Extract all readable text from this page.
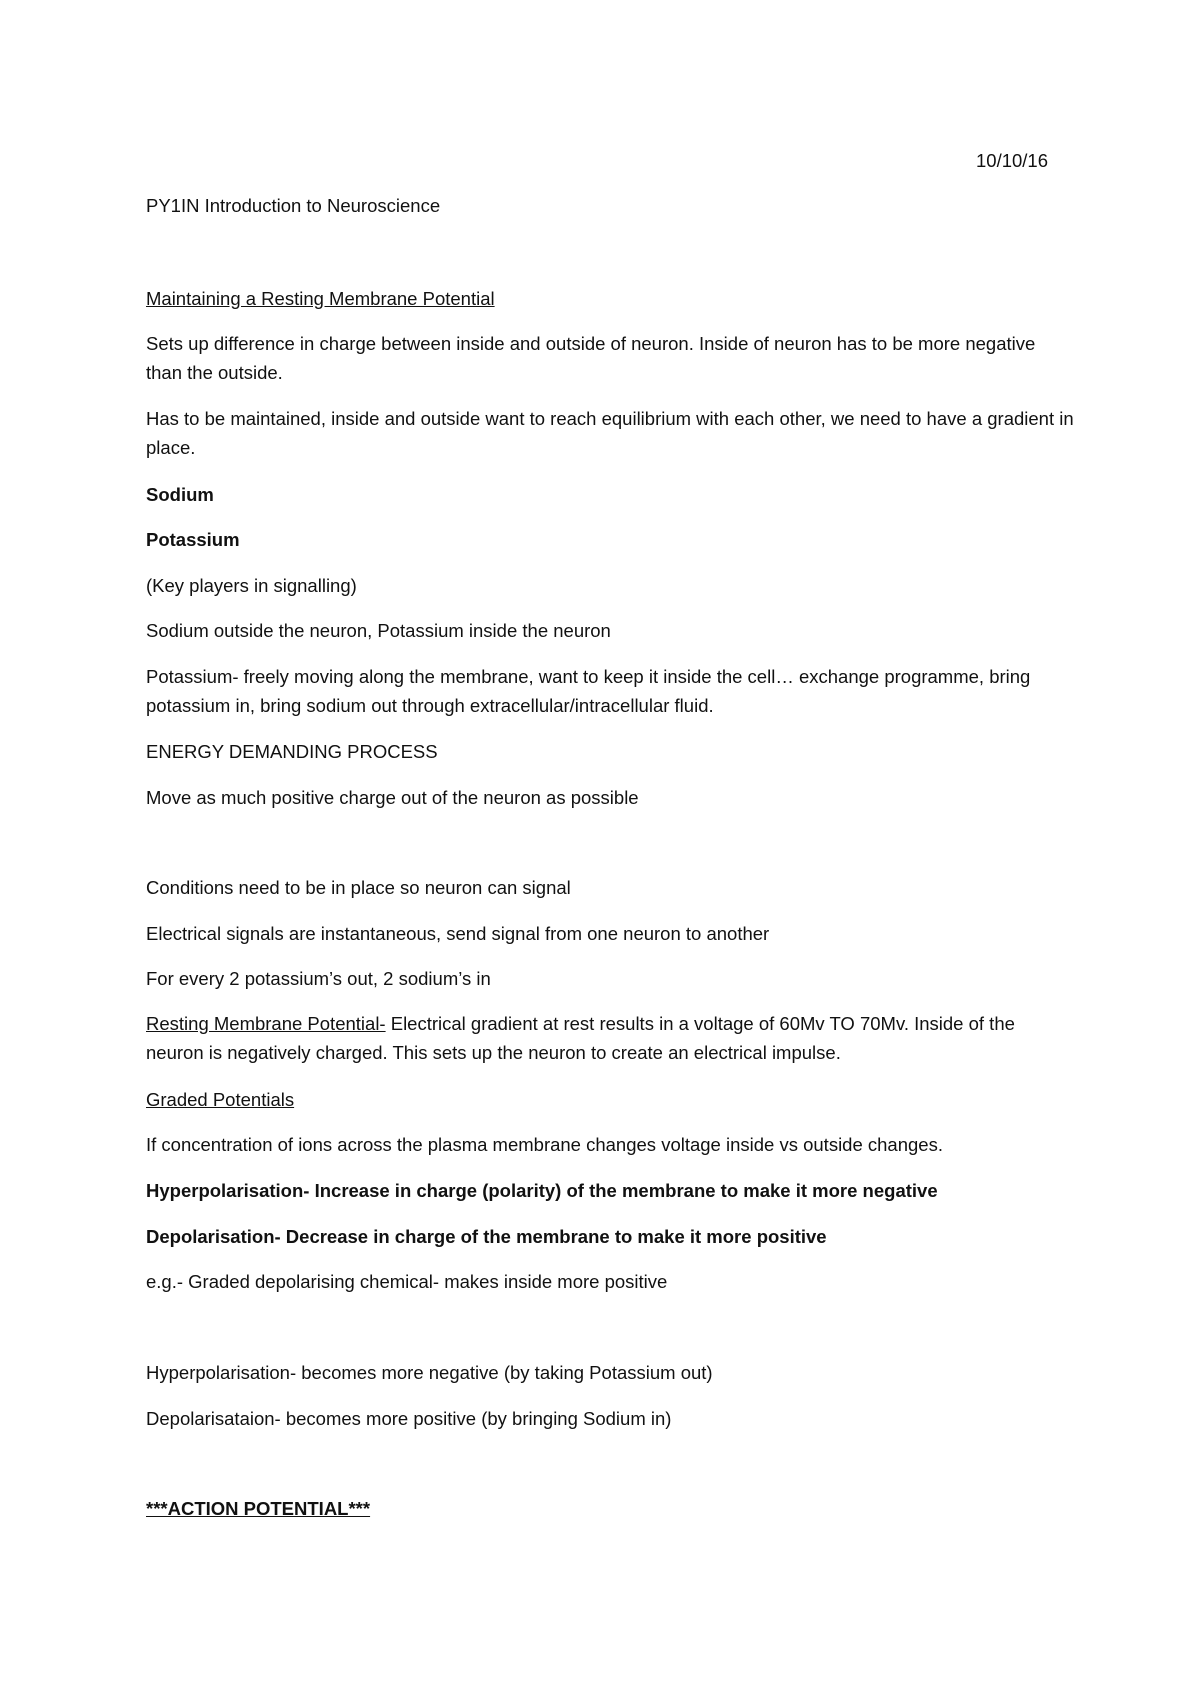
10/10/16
PY1IN Introduction to Neuroscience
Maintaining a Resting Membrane Potential
Sets up difference in charge between inside and outside of neuron. Inside of neuron has to be more negative than the outside.
Has to be maintained, inside and outside want to reach equilibrium with each other, we need to have a gradient in place.
Sodium
Potassium
(Key players in signalling)
Sodium outside the neuron, Potassium inside the neuron
Potassium- freely moving along the membrane, want to keep it inside the cell… exchange programme, bring potassium in, bring sodium out through extracellular/intracellular fluid.
ENERGY DEMANDING PROCESS
Move as much positive charge out of the neuron as possible
Conditions need to be in place so neuron can signal
Electrical signals are instantaneous, send signal from one neuron to another
For every 2 potassium’s out, 2 sodium’s in
Resting Membrane Potential- Electrical gradient at rest results in a voltage of 60Mv TO 70Mv. Inside of the neuron is negatively charged. This sets up the neuron to create an electrical impulse.
Graded Potentials
If concentration of ions across the plasma membrane changes voltage inside vs outside changes.
Hyperpolarisation- Increase in charge (polarity) of the membrane to make it more negative
Depolarisation- Decrease in charge of the membrane to make it more positive
e.g.- Graded depolarising chemical- makes inside more positive
Hyperpolarisation- becomes more negative (by taking Potassium out)
Depolarisataion- becomes more positive (by bringing Sodium in)
***ACTION POTENTIAL***
